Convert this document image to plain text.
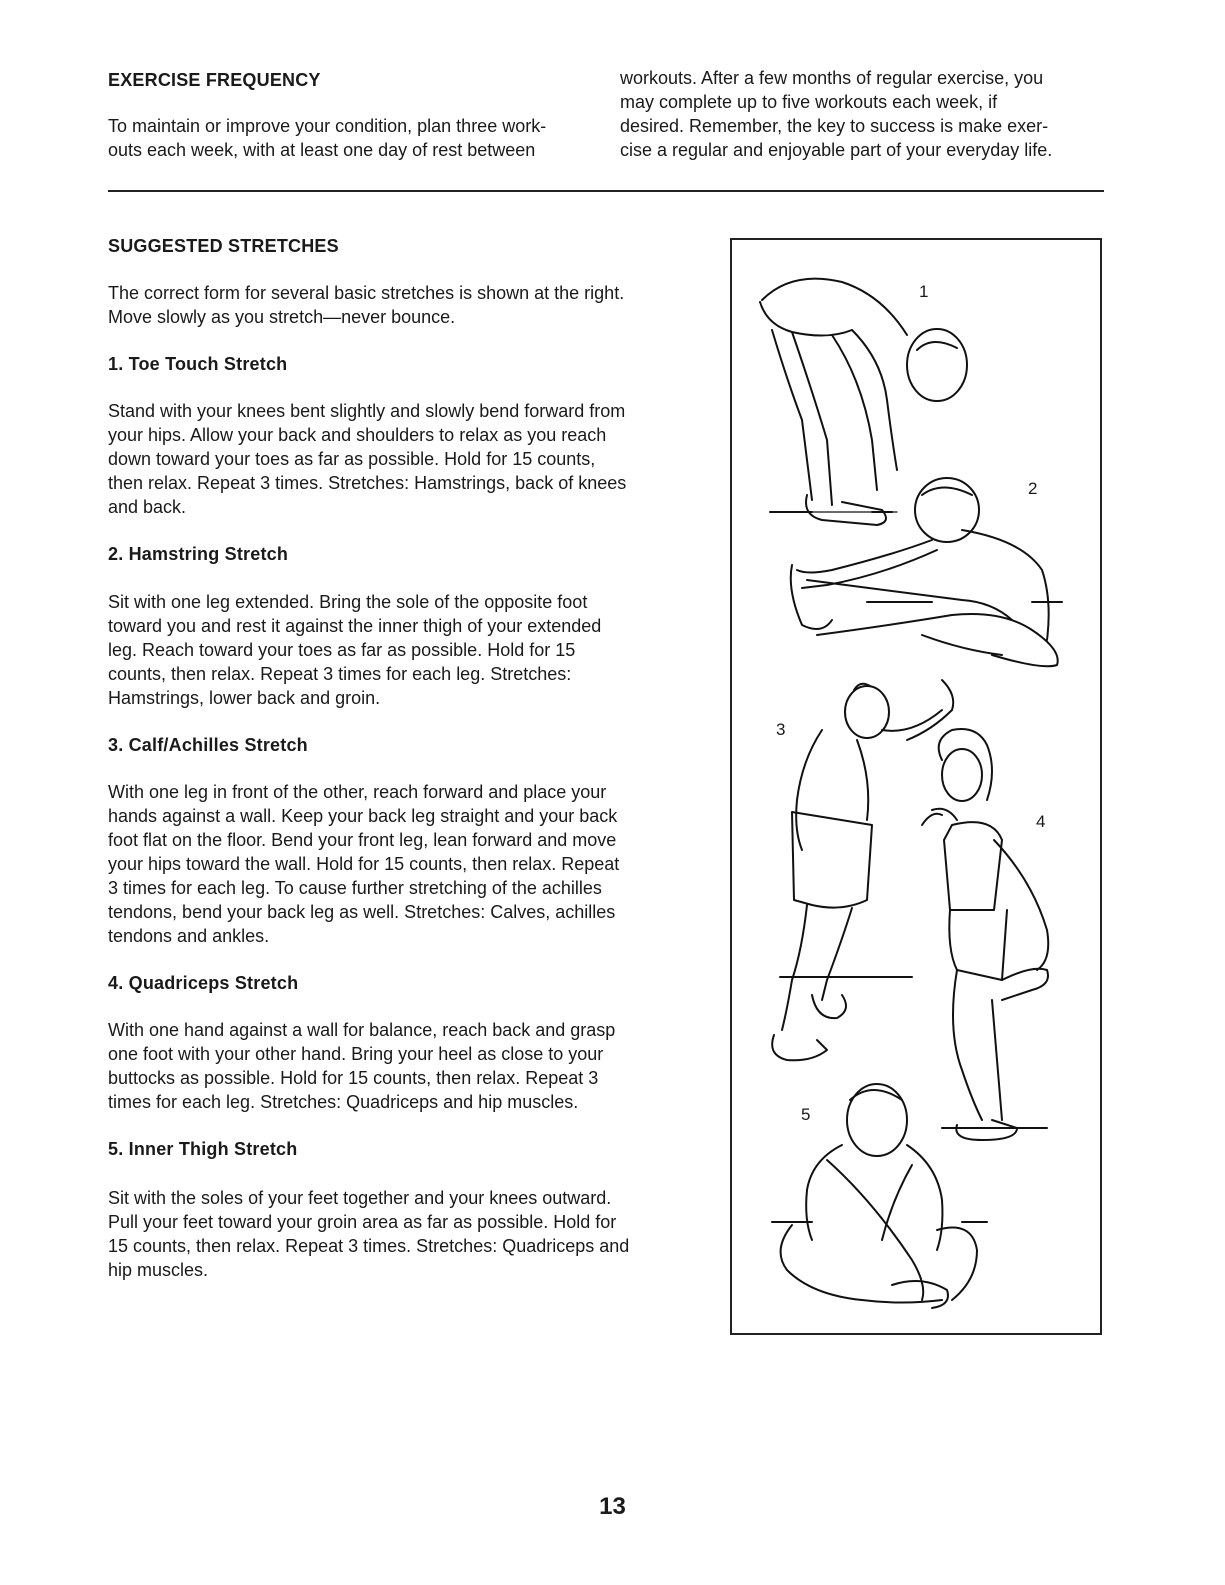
EXERCISE FREQUENCY
To maintain or improve your condition, plan three work-
outs each week, with at least one day of rest between
workouts. After a few months of regular exercise, you
may complete up to five workouts each week, if
desired. Remember, the key to success is make exer-
cise a regular and enjoyable part of your everyday life.
SUGGESTED STRETCHES
The correct form for several basic stretches is shown at the right.
Move slowly as you stretch—never bounce.
1. Toe Touch Stretch
Stand with your knees bent slightly and slowly bend forward from
your hips. Allow your back and shoulders to relax as you reach
down toward your toes as far as possible. Hold for 15 counts,
then relax. Repeat 3 times. Stretches: Hamstrings, back of knees
and back.
2. Hamstring Stretch
Sit with one leg extended. Bring the sole of the opposite foot
toward you and rest it against the inner thigh of your extended
leg. Reach toward your toes as far as possible. Hold for 15
counts, then relax. Repeat 3 times for each leg. Stretches:
Hamstrings, lower back and groin.
3. Calf/Achilles Stretch
With one leg in front of the other, reach forward and place your
hands against a wall. Keep your back leg straight and your back
foot flat on the floor. Bend your front leg, lean forward and move
your hips toward the wall. Hold for 15 counts, then relax. Repeat
3 times for each leg. To cause further stretching of the achilles
tendons, bend your back leg as well. Stretches: Calves, achilles
tendons and ankles.
4. Quadriceps Stretch
With one hand against a wall for balance, reach back and grasp
one foot with your other hand. Bring your heel as close to your
buttocks as possible. Hold for 15 counts, then relax. Repeat 3
times for each leg. Stretches: Quadriceps and hip muscles.
5. Inner Thigh Stretch
Sit with the soles of your feet together and your knees outward.
Pull your feet toward your groin area as far as possible. Hold for
15 counts, then relax. Repeat 3 times. Stretches: Quadriceps and
hip muscles.
1
2
3
4
5
13
